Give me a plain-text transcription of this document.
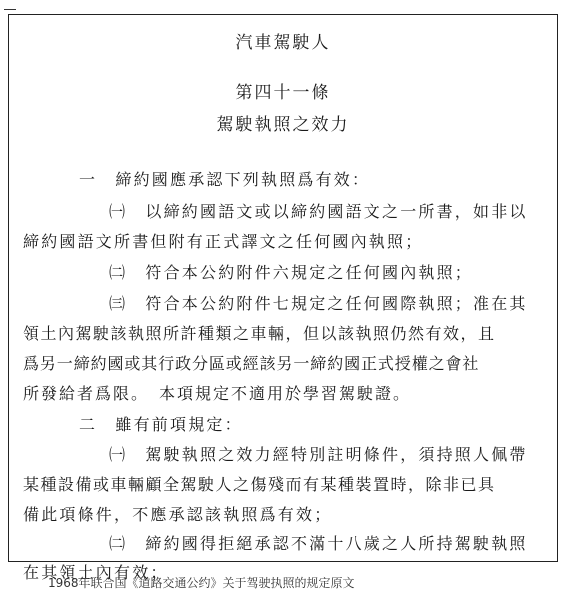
汽車駕駛人
第四十一條
駕駛執照之效力
一　締約國應承認下列執照爲有效：
㈠　以締約國語文或以締約國語文之一所書，如非以
締約國語文所書但附有正式譯文之任何國內執照；
㈡　符合本公約附件六規定之任何國內執照；
㈢　符合本公約附件七規定之任何國際執照；准在其
領土內駕駛該執照所許種類之車輛，但以該執照仍然有效，且
爲另一締約國或其行政分區或經該另一締約國正式授權之會社
所發給者爲限。　本項規定不適用於學習駕駛證。
二　雖有前項規定：
㈠　駕駛執照之效力經特別註明條件，須持照人佩帶
某種設備或車輛顧全駕駛人之傷殘而有某種裝置時，除非已具
備此項條件，不應承認該執照爲有效；
㈡　締約國得拒絕承認不滿十八歲之人所持駕駛執照
在其領土內有效；
1968年联合国《道路交通公约》关于驾驶执照的规定原文
